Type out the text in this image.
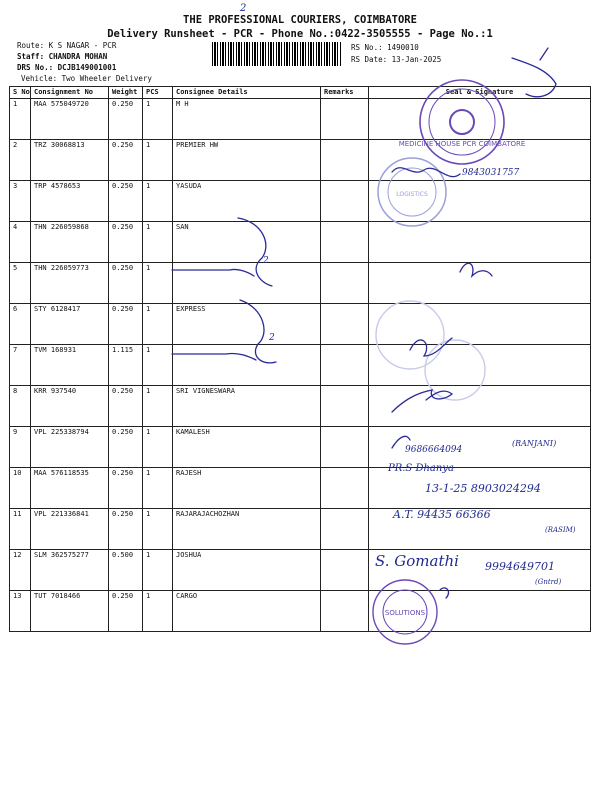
THE PROFESSIONAL COURIERS, COIMBATORE
Delivery Runsheet - PCR - Phone No.:0422-3505555 - Page No.:1
Route: K S NAGAR - PCR
Staff: CHANDRA MOHAN
DRS No.: DCJB149001001
Vehicle: Two Wheeler Delivery
RS No.: 1490010
RS Date: 13-Jan-2025
S No	Consignment No	Weight	PCS	Consignee Details	Remarks	Seal & Signature
1	MAA 575049720	0.250	1	M H		
2	TRZ 30068813	0.250	1	PREMIER HW		
3	TRP 4578653	0.250	1	YASUDA		
4	THN 226059868	0.250	1	SAN		
5	THN 226059773	0.250	1			
6	STY 6128417	0.250	1	EXPRESS		
7	TVM 168931	1.115	1			
8	KRR 937540	0.250	1	SRI VIGNESWARA		
9	VPL 225338794	0.250	1	KAMALESH		
10	MAA 576118535	0.250	1	RAJESH		
11	VPL 221336841	0.250	1	RAJARAJACHOZHAN		
12	SLM 362575277	0.500	1	JOSHUA		
13	TUT 7018466	0.250	1	CARGO		
2
MEDICINE HOUSE PCR COIMBATORE
LOGISTICS
9843031757
2
2
9686664094
(RANJANI)
PR.S Dhanya
13-1-25 8903024294
A.T. 94435 66366
(RASIM)
S. Gomathi 9994649701
(Gntrd)
SOLUTIONS
